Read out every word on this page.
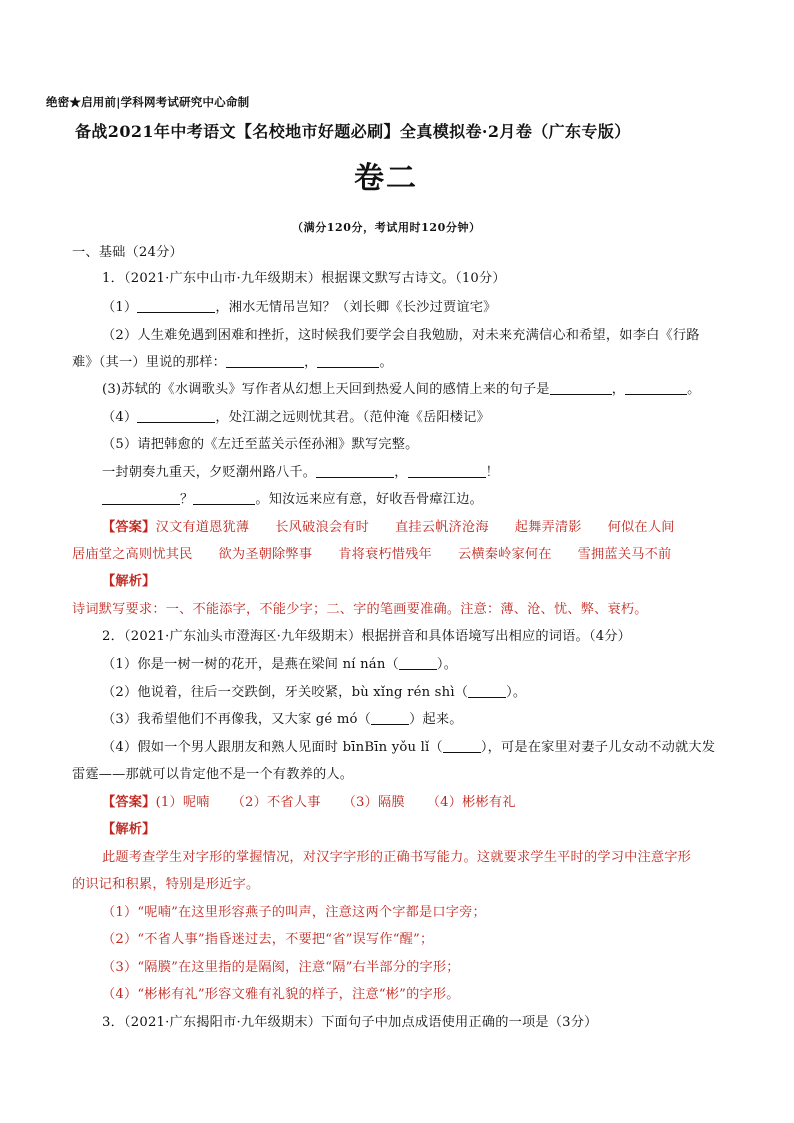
绝密★启用前|学科网考试研究中心命制
备战2021年中考语文【名校地市好题必刷】全真模拟卷·2月卷（广东专版）
卷二
（满分120分，考试用时120分钟）
一、基础（24分）
1．（2021·广东中山市·九年级期末）根据课文默写古诗文。（10分）
（1）	，湘水无情吊岂知？（刘长卿《长沙过贾谊宅》
（2）人生难免遇到困难和挫折，这时候我们要学会自我勉励，对未来充满信心和希望，如李白《行路
难》（其一）里说的那样：	，	。
(3)苏轼的《水调歌头》写作者从幻想上天回到热爱人间的感情上来的句子是	，	。
（4）	，处江湖之远则忧其君。（范仲淹《岳阳楼记》
（5）请把韩愈的《左迁至蓝关示侄孙湘》默写完整。
一封朝奏九重天，夕贬潮州路八千。	，	！
？	。知汝远来应有意，好收吾骨瘴江边。
【答案】汉文有道恩犹薄 长风破浪会有时 直挂云帆济沧海 起舞弄清影 何似在人间
居庙堂之高则忧其民 欲为圣朝除弊事 肯将衰朽惜残年 云横秦岭家何在 雪拥蓝关马不前
【解析】
诗词默写要求：一、不能添字，不能少字；二、字的笔画要准确。注意：薄、沧、忧、弊、衰朽。
2．（2021·广东汕头市澄海区·九年级期末）根据拼音和具体语境写出相应的词语。（4分）
（1）你是一树一树的花开，是燕在梁间 ní nán（	）。
（2）他说着，往后一交跌倒，牙关咬紧，bù xǐng rén shì（	）。
（3）我希望他们不再像我，又大家 gé mó（	）起来。
（4）假如一个男人跟朋友和熟人见面时 bīnBīn yǒu lǐ（	），可是在家里对妻子儿女动不动就大发
雷霆——那就可以肯定他不是一个有教养的人。
【答案】(1）呢喃 （2）不省人事 （3）隔膜 （4）彬彬有礼
【解析】
此题考查学生对字形的掌握情况，对汉字字形的正确书写能力。这就要求学生平时的学习中注意字形
的识记和积累，特别是形近字。
（1）“呢喃”在这里形容燕子的叫声，注意这两个字都是口字旁；
（2）“不省人事”指昏迷过去，不要把“省”误写作“醒”；
（3）“隔膜”在这里指的是隔阂，注意“隔”右半部分的字形；
（4）“彬彬有礼”形容文雅有礼貌的样子，注意“彬”的字形。
3．（2021·广东揭阳市·九年级期末）下面句子中加点成语使用正确的一项是（3分）
